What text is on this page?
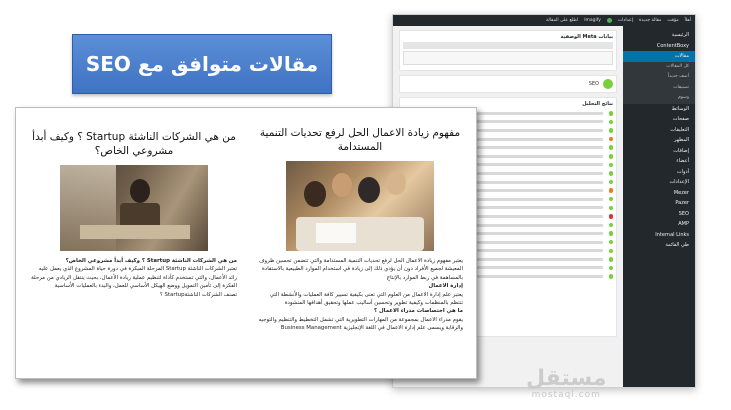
اطلع على المقالة Imagify	إعدادات مقالة جديدة مؤقت أهلاً
بيانات Meta الوصفية
SEO
نتائج التحليل
الرئيسية
ContentBoxy
مقالات
كل المقالات
أضف جديداً
تصنيفات
وسوم
الوسائط
صفحات
التعليقات
المظهر
إضافات
أعضاء
أدوات
الإعدادات
Mezer
Pazer
SEO
AMP
Internal Links
طي القائمة
مقالات متوافق مع SEO
مفهوم زيادة الاعمال الحل لرفع تحديات التنمية المستدامة
يعتبر مفهوم زيادة الاعمال الحل لرفع تحديات التنمية المستدامة والتي تتضمن تحسين ظروف المعيشة لجميع الأفراد دون أن يؤدي ذلك إلى زيادة في استخدام الموارد الطبيعية بالاستفادة بالمساهمة في ربط الموارد بالإنتاج
إدارة الاعمال
يعتبر علم إدارة الاعمال من العلوم التي تعنى بكيفية تسيير كافة العمليات والأنشطة التي تنتظم بالمنظمات وكيفية تطوير وتحسين أساليب عملها وتحقيق أهدافها المنشودة
ما هي اختصاصات مدراء الاعمال ؟
يقوم مدراء الاعمال بمجموعة من المهارات التطويرية التي تشمل التخطيط والتنظيم والتوجيه والرقابة ويسمى علم إدارة الاعمال في اللغة الإنجليزية Business Management
من هي الشركات الناشئة Startup ؟ وكيف أبدأ مشروعي الخاص؟
من هي الشركات الناشئة Startup ؟ وكيف أبدأ مشروعي الخاص؟
تعتبر الشركات الناشئة Startup المرحلة المبكرة في دورة حياة المشروع الذي يعمل عليه رائد الأعمال، والتي تستخدم كأداة لتنظيم عملية ريادة الأعمال، بحيث ينتقل الريادي من مرحلة الفكرة إلى تأمين التمويل ووضع الهيكل الأساسي للعمل، والبدء بالعمليات الأساسية
تصنف الشركات الناشئةStartup ؟
مستقل
mostaql.com
